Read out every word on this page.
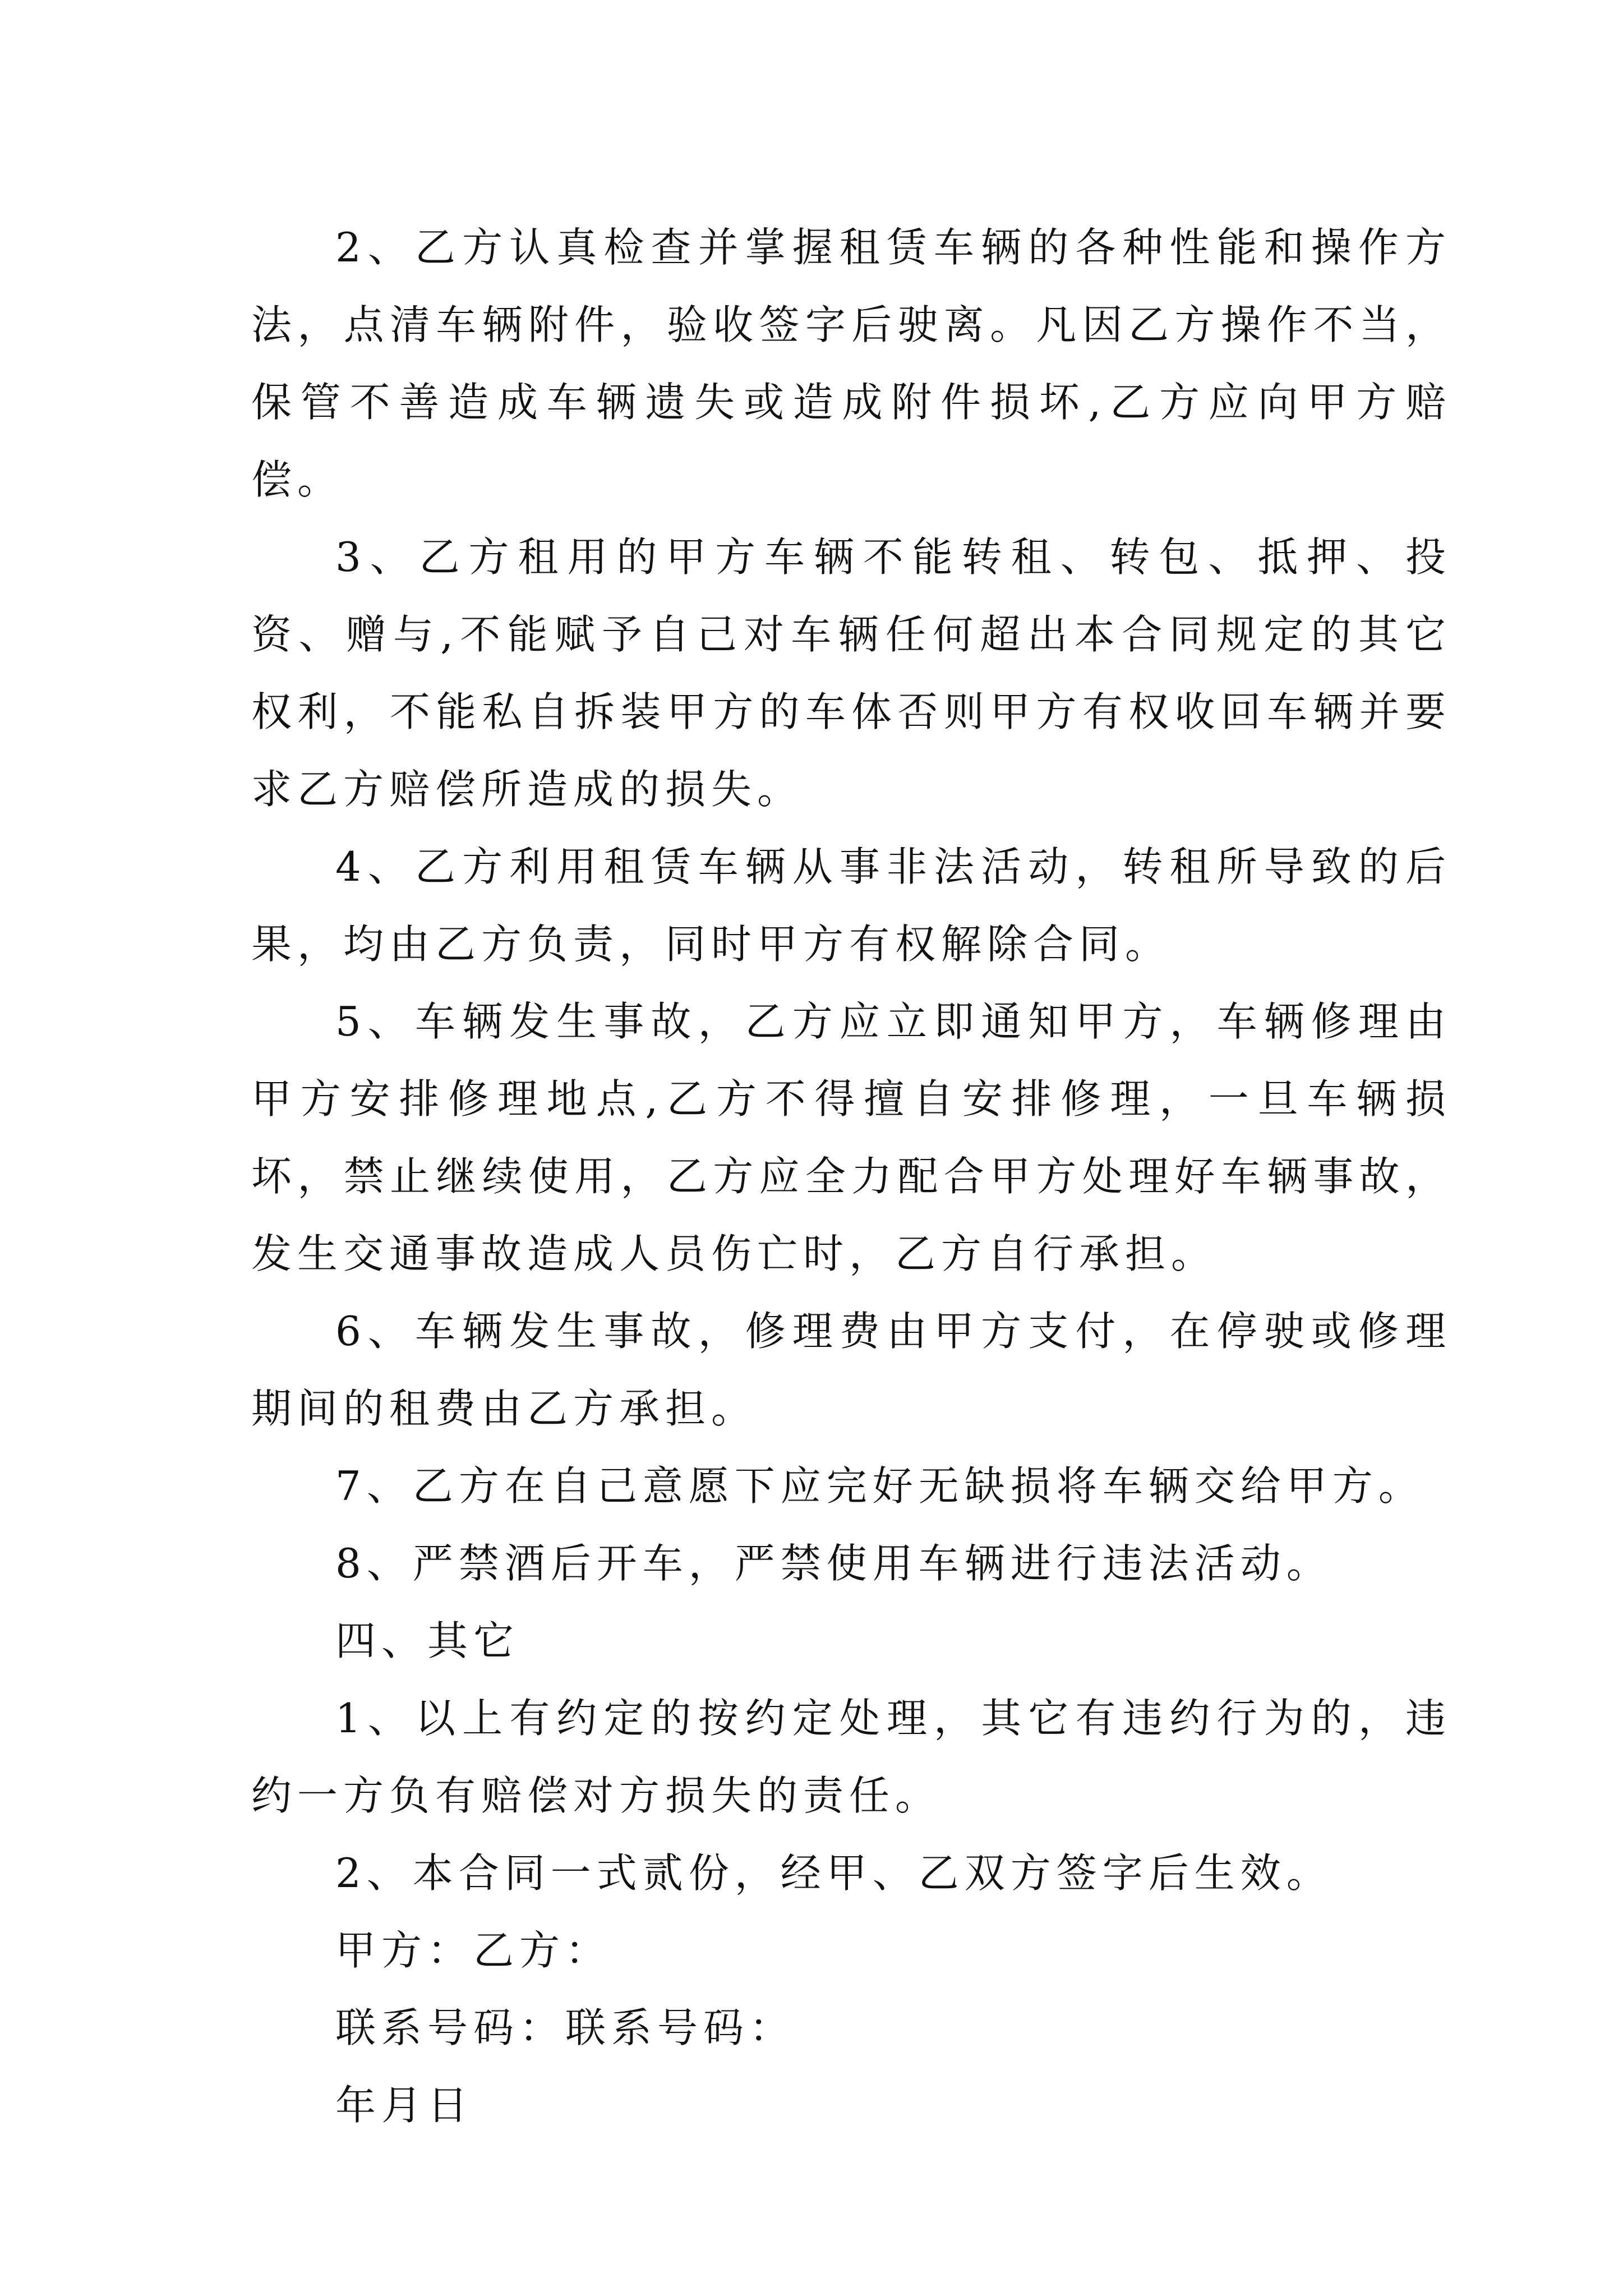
2、乙方认真检查并掌握租赁车辆的各种性能和操作方法，点清车辆附件，验收签字后驶离。凡因乙方操作不当，保管不善造成车辆遗失或造成附件损坏,乙方应向甲方赔偿。

3、乙方租用的甲方车辆不能转租、转包、抵押、投资、赠与,不能赋予自己对车辆任何超出本合同规定的其它权利，不能私自拆装甲方的车体否则甲方有权收回车辆并要求乙方赔偿所造成的损失。

4、乙方利用租赁车辆从事非法活动，转租所导致的后果，均由乙方负责，同时甲方有权解除合同。

5、车辆发生事故，乙方应立即通知甲方，车辆修理由甲方安排修理地点,乙方不得擅自安排修理，一旦车辆损坏，禁止继续使用，乙方应全力配合甲方处理好车辆事故，发生交通事故造成人员伤亡时，乙方自行承担。

6、车辆发生事故，修理费由甲方支付，在停驶或修理期间的租费由乙方承担。

7、乙方在自己意愿下应完好无缺损将车辆交给甲方。

8、严禁酒后开车，严禁使用车辆进行违法活动。

四、其它

1、以上有约定的按约定处理，其它有违约行为的，违约一方负有赔偿对方损失的责任。

2、本合同一式贰份，经甲、乙双方签字后生效。

甲方：乙方：

联系号码：联系号码：

年月日
